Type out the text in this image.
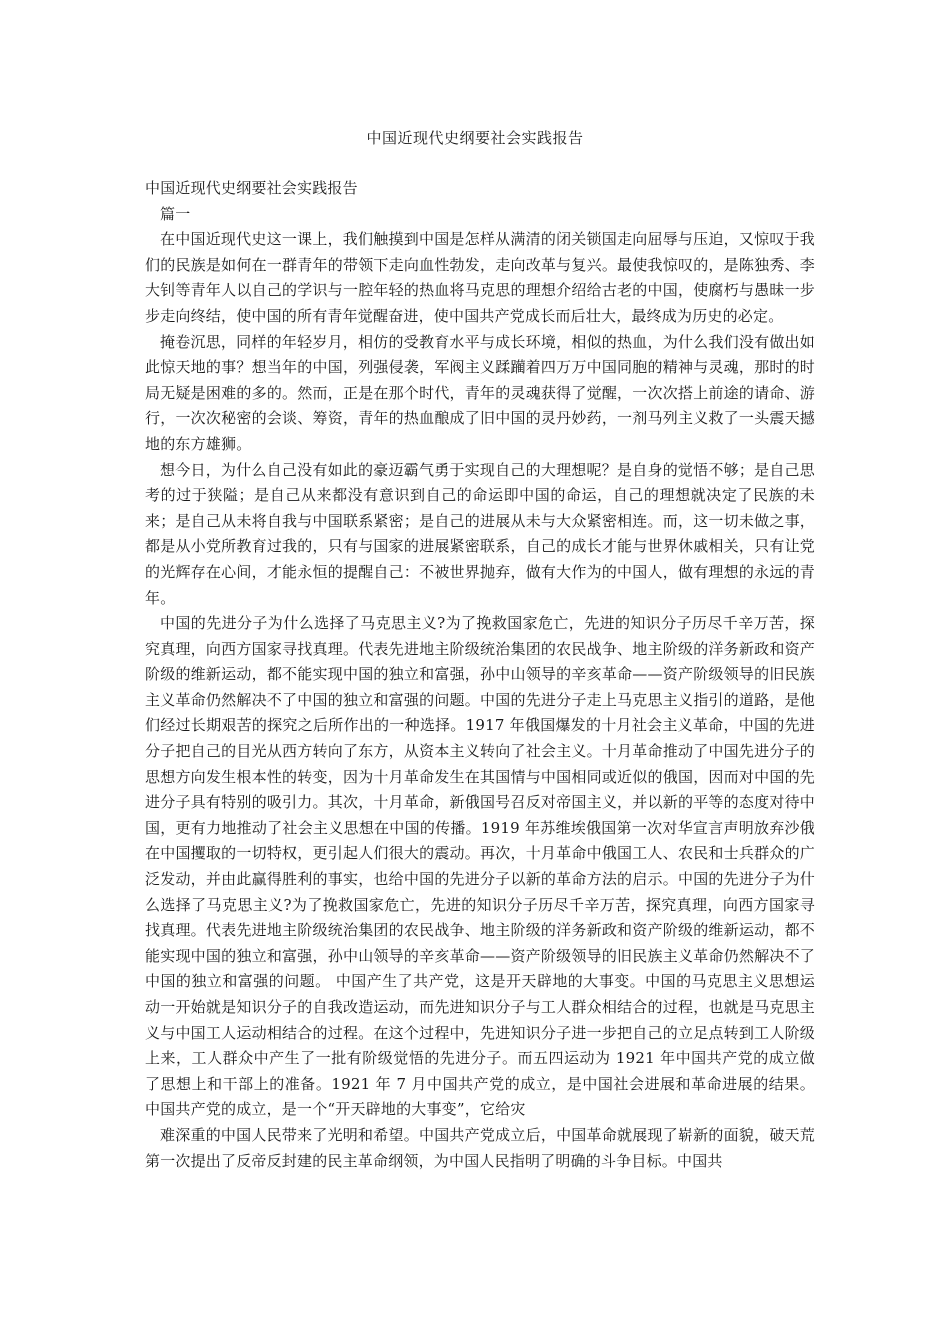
中国近现代史纲要社会实践报告

中国近现代史纲要社会实践报告

篇一

在中国近现代史这一课上，我们触摸到中国是怎样从满清的闭关锁国走向屈辱与压迫，又惊叹于我们的民族是如何在一群青年的带领下走向血性勃发，走向改革与复兴。最使我惊叹的，是陈独秀、李大钊等青年人以自己的学识与一腔年轻的热血将马克思的理想介绍给古老的中国，使腐朽与愚昧一步步走向终结，使中国的所有青年觉醒奋进，使中国共产党成长而后壮大，最终成为历史的必定。

掩卷沉思，同样的年轻岁月，相仿的受教育水平与成长环境，相似的热血，为什么我们没有做出如此惊天地的事？想当年的中国，列强侵袭，军阀主义蹂躏着四万万中国同胞的精神与灵魂，那时的时局无疑是困难的多的。然而，正是在那个时代，青年的灵魂获得了觉醒，一次次搭上前途的请命、游行，一次次秘密的会谈、筹资，青年的热血酿成了旧中国的灵丹妙药，一剂马列主义救了一头震天撼地的东方雄狮。

想今日，为什么自己没有如此的豪迈霸气勇于实现自己的大理想呢？是自身的觉悟不够；是自己思考的过于狭隘；是自己从来都没有意识到自己的命运即中国的命运，自己的理想就决定了民族的未来；是自己从未将自我与中国联系紧密；是自己的进展从未与大众紧密相连。而，这一切未做之事，都是从小党所教育过我的，只有与国家的进展紧密联系，自己的成长才能与世界休戚相关，只有让党的光辉存在心间，才能永恒的提醒自己：不被世界抛弃，做有大作为的中国人，做有理想的永远的青年。

中国的先进分子为什么选择了马克思主义?为了挽救国家危亡，先进的知识分子历尽千辛万苦，探究真理，向西方国家寻找真理。代表先进地主阶级统治集团的农民战争、地主阶级的洋务新政和资产阶级的维新运动，都不能实现中国的独立和富强，孙中山领导的辛亥革命——资产阶级领导的旧民族主义革命仍然解决不了中国的独立和富强的问题。中国的先进分子走上马克思主义指引的道路，是他们经过长期艰苦的探究之后所作出的一种选择。1917 年俄国爆发的十月社会主义革命，中国的先进分子把自己的目光从西方转向了东方，从资本主义转向了社会主义。十月革命推动了中国先进分子的思想方向发生根本性的转变，因为十月革命发生在其国情与中国相同或近似的俄国，因而对中国的先进分子具有特别的吸引力。其次，十月革命，新俄国号召反对帝国主义，并以新的平等的态度对待中国，更有力地推动了社会主义思想在中国的传播。1919 年苏维埃俄国第一次对华宣言声明放弃沙俄在中国攫取的一切特权，更引起人们很大的震动。再次，十月革命中俄国工人、农民和士兵群众的广泛发动，并由此赢得胜利的事实，也给中国的先进分子以新的革命方法的启示。中国的先进分子为什么选择了马克思主义?为了挽救国家危亡，先进的知识分子历尽千辛万苦，探究真理，向西方国家寻找真理。代表先进地主阶级统治集团的农民战争、地主阶级的洋务新政和资产阶级的维新运动，都不能实现中国的独立和富强，孙中山领导的辛亥革命——资产阶级领导的旧民族主义革命仍然解决不了中国的独立和富强的问题。 中国产生了共产党，这是开天辟地的大事变。中国的马克思主义思想运动一开始就是知识分子的自我改造运动，而先进知识分子与工人群众相结合的过程，也就是马克思主义与中国工人运动相结合的过程。在这个过程中，先进知识分子进一步把自己的立足点转到工人阶级上来，工人群众中产生了一批有阶级觉悟的先进分子。而五四运动为 1921 年中国共产党的成立做了思想上和干部上的准备。1921 年 7 月中国共产党的成立，是中国社会进展和革命进展的结果。中国共产党的成立，是一个“开天辟地的大事变”，它给灾

难深重的中国人民带来了光明和希望。中国共产党成立后，中国革命就展现了崭新的面貌，破天荒第一次提出了反帝反封建的民主革命纲领，为中国人民指明了明确的斗争目标。中国共
